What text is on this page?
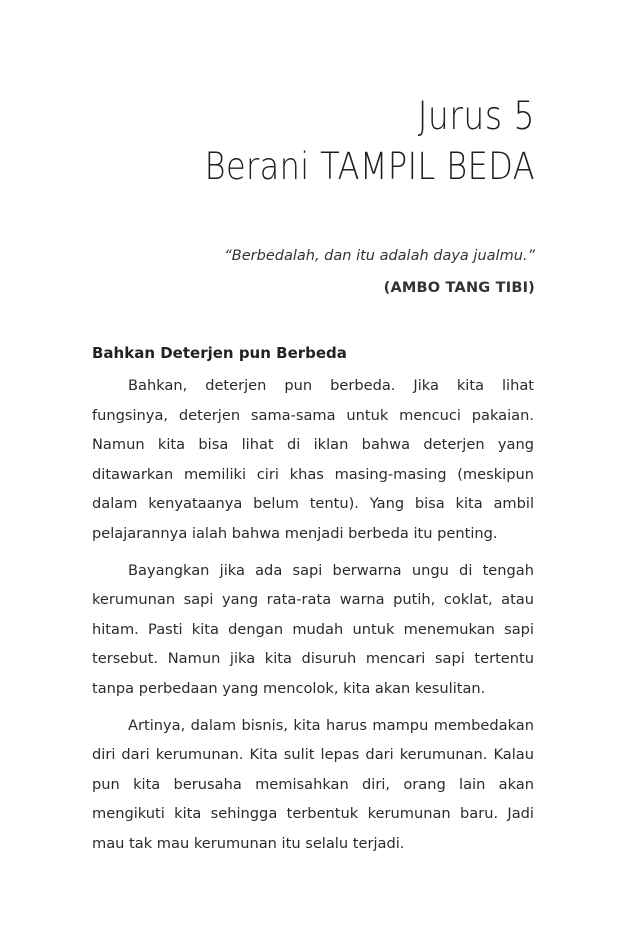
Jurus 5
Berani TAMPIL BEDA
“Berbedalah, dan itu adalah daya jualmu.”
(AMBO TANG TIBI)
Bahkan Deterjen pun Berbeda

Bahkan, deterjen pun berbeda. Jika kita lihat fungsinya, deterjen sama-sama untuk mencuci pakaian. Namun kita bisa lihat di iklan bahwa deterjen yang ditawarkan memiliki ciri khas masing-masing (meskipun dalam kenyataanya belum tentu). Yang bisa kita ambil pelajarannya ialah bahwa menjadi berbeda itu penting.

Bayangkan jika ada sapi berwarna ungu di tengah kerumunan sapi yang rata-rata warna putih, coklat, atau hitam. Pasti kita dengan mudah untuk menemukan sapi tersebut. Namun jika kita disuruh mencari sapi tertentu tanpa perbedaan yang mencolok, kita akan kesulitan.

Artinya, dalam bisnis, kita harus mampu membedakan diri dari kerumunan. Kita sulit lepas dari kerumunan. Kalau pun kita berusaha memisahkan diri, orang lain akan mengikuti kita sehingga terbentuk kerumunan baru. Jadi mau tak mau kerumunan itu selalu terjadi.
